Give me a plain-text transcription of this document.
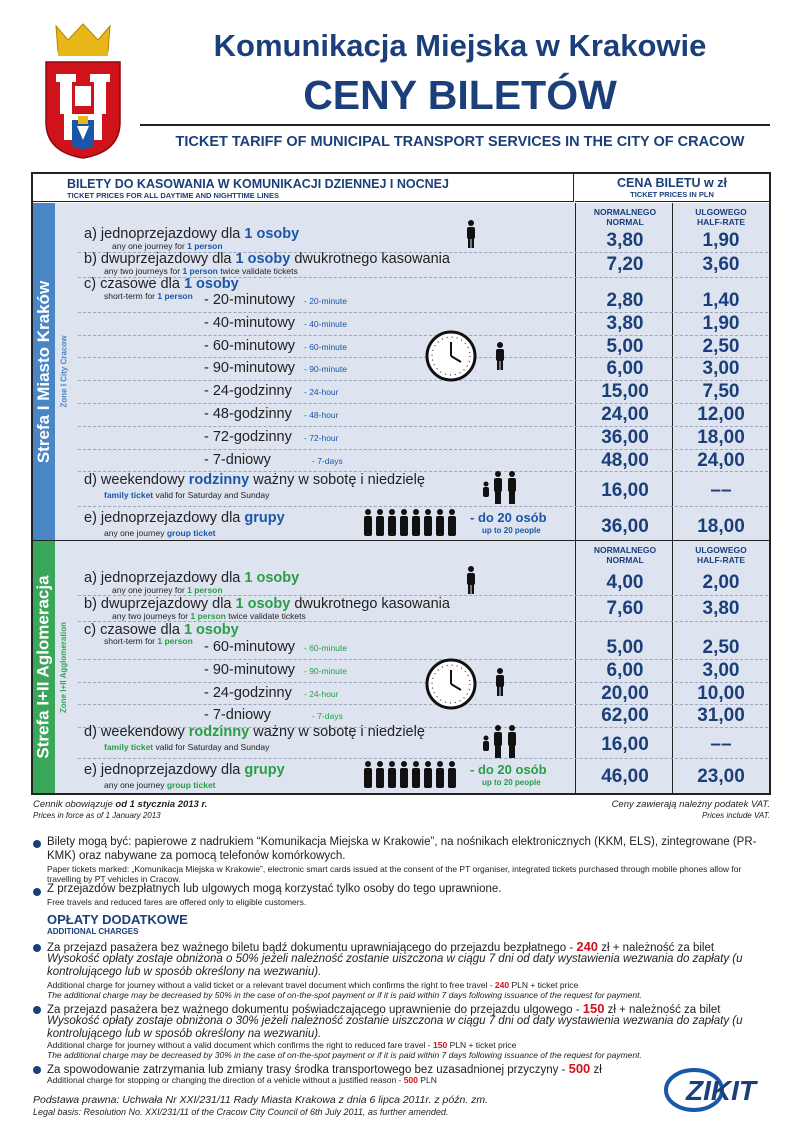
Komunikacja Miejska w Krakowie
CENY BILETÓW
TICKET TARIFF OF MUNICIPAL TRANSPORT SERVICES IN THE CITY OF CRACOW
BILETY DO KASOWANIA W KOMUNIKACJI DZIENNEJ I NOCNEJ
TICKET PRICES FOR ALL DAYTIME AND NIGHTTIME LINES
CENA BILETU w zł
TICKET PRICES IN PLN
Strefa I Miasto Kraków Zone I City Cracow
NORMALNEGO
NORMAL
ULGOWEGO
HALF-RATE
a) jednoprzejazdowy dla 1 osoby
any one journey for 1 person	3,80	1,90
b) dwuprzejazdowy dla 1 osoby dwukrotnego kasowania
any two journeys for 1 person twice validate tickets	7,20	3,60
c) czasowe dla 1 osoby
short-term for 1 person - 20-minutowy - 20-minute	2,80	1,40
- 40-minutowy - 40-minute	3,80	1,90
- 60-minutowy - 60-minute	5,00	2,50
- 90-minutowy - 90-minute	6,00	3,00
- 24-godzinny - 24-hour	15,00	7,50
- 48-godzinny - 48-hour	24,00	12,00
- 72-godzinny - 72-hour	36,00	18,00
- 7-dniowy	- 7-days	48,00	24,00
d) weekendowy rodzinny ważny w sobotę i niedzielę
family ticket valid for Saturday and Sunday	16,00	––
e) jednoprzejazdowy dla grupy
any one journey group ticket
- do 20 osób
up to 20 people	36,00	18,00
Strefa I+II Aglomeracja Zone I+II Agglomeration
NORMALNEGO
NORMAL
ULGOWEGO
HALF-RATE
a) jednoprzejazdowy dla 1 osoby
any one journey for 1 person	4,00	2,00
b) dwuprzejazdowy dla 1 osoby dwukrotnego kasowania
any two journeys for 1 person twice validate tickets	7,60	3,80
c) czasowe dla 1 osoby
short-term for 1 person - 60-minutowy - 60-minute	5,00	2,50
- 90-minutowy - 90-minute	6,00	3,00
- 24-godzinny - 24-hour	20,00	10,00
- 7-dniowy	- 7-days	62,00	31,00
d) weekendowy rodzinny ważny w sobotę i niedzielę
family ticket valid for Saturday and Sunday	16,00	––
e) jednoprzejazdowy dla grupy
any one journey group ticket
- do 20 osób
up to 20 people	46,00	23,00
Cennik obowiązuje od 1 stycznia 2013 r.
Prices in force as of 1 January 2013
Ceny zawierają należny podatek VAT.
Prices include VAT.
Bilety mogą być: papierowe z nadrukiem “Komunikacja Miejska w Krakowie”, na nośnikach elektronicznych (KKM, ELS), zintegrowane (PR-KMK) oraz nabywane za pomocą telefonów komórkowych.
Paper tickets marked: „Komunikacja Miejska w Krakowie”, electronic smart cards issued at the consent of the PT organiser, integrated tickets purchased through mobile phones allow for travelling by PT vehicles in Cracow.
Z przejazdów bezpłatnych lub ulgowych mogą korzystać tylko osoby do tego uprawnione.
Free travels and reduced fares are offered only to eligible customers.
OPŁATY DODATKOWE
ADDITIONAL CHARGES
Za przejazd pasażera bez ważnego biletu bądź dokumentu uprawniającego do przejazdu bezpłatnego - 240 zł + należność za bilet
Wysokość opłaty zostaje obniżona o 50% jeżeli należność zostanie uiszczona w ciągu 7 dni od daty wystawienia wezwania do zapłaty (u kontrolującego lub w sposób określony na wezwaniu).
Additional charge for journey without a valid ticket or a relevant travel document which confirms the right to free travel - 240 PLN + ticket price
The additional charge may be decreased by 50% in the case of on-the-spot payment or if it is paid within 7 days following issuance of the request for payment.
Za przejazd pasażera bez ważnego dokumentu poświadczającego uprawnienie do przejazdu ulgowego - 150 zł + należność za bilet
Wysokość opłaty zostaje obniżona o 30% jeżeli należność zostanie uiszczona w ciągu 7 dni od daty wystawienia wezwania do zapłaty (u kontrolującego lub w sposób określony na wezwaniu).
Additional charge for journey without a valid document which confirms the right to reduced fare travel - 150 PLN + ticket price
The additional charge may be decreased by 30% in the case of on-the-spot payment or if it is paid within 7 days following issuance of the request for payment.
Za spowodowanie zatrzymania lub zmiany trasy środka transportowego bez uzasadnionej przyczyny - 500 zł
Additional charge for stopping or changing the direction of a vehicle without a justified reason - 500 PLN
Podstawa prawna: Uchwała Nr XXI/231/11 Rady Miasta Krakowa z dnia 6 lipca 2011r. z późn. zm.
Legal basis: Resolution No. XXI/231/11 of the Cracow City Council of 6th July 2011, as further amended.
ZIKIT
